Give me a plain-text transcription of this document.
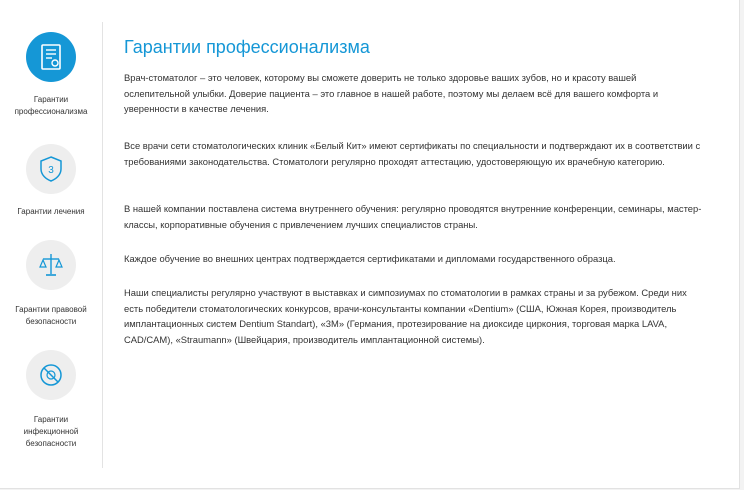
Гарантии
профессионализма
3
Гарантии лечения
Гарантии правовой
безопасности
Гарантии
инфекционной
безопасности
Гарантии профессионализма

Врач-стоматолог – это человек, которому вы сможете доверить не только здоровье ваших зубов, но и красоту вашей ослепительной улыбки. Доверие пациента – это главное в нашей работе, поэтому мы делаем всё для вашего комфорта и уверенности в качестве лечения.

Все врачи сети стоматологических клиник «Белый Кит» имеют сертификаты по специальности и подтверждают их в соответствии с требованиями законодательства. Стоматологи регулярно проходят аттестацию, удостоверяющую их врачебную категорию.

В нашей компании поставлена система внутреннего обучения: регулярно проводятся внутренние конференции, семинары, мастер-классы, корпоративные обучения с привлечением лучших специалистов страны.

Каждое обучение во внешних центрах подтверждается сертификатами и дипломами государственного образца.

Наши специалисты регулярно участвуют в выставках и симпозиумах по стоматологии в рамках страны и за рубежом. Среди них есть победители стоматологических конкурсов, врачи-консультанты компании «Dentium» (США, Южная Корея, производитель имплантационных систем Dentium Standart), «3M» (Германия, протезирование на диоксиде циркония, торговая марка LAVA, CAD/CAM), «Straumann» (Швейцария, производитель имплантационной системы).
